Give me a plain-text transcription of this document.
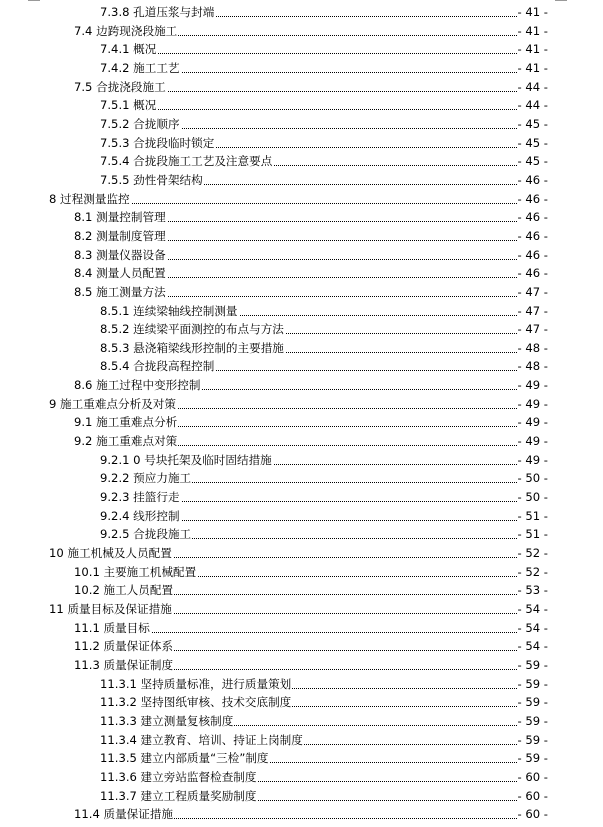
7.3.8 孔道压浆与封端	- 41 -
7.4 边跨现浇段施工	- 41 -
7.4.1 概况	- 41 -
7.4.2 施工工艺	- 41 -
7.5 合拢浇段施工	- 44 -
7.5.1 概况	- 44 -
7.5.2 合拢顺序	- 45 -
7.5.3 合拢段临时锁定	- 45 -
7.5.4 合拢段施工工艺及注意要点	- 45 -
7.5.5 劲性骨架结构	- 46 -
8 过程测量监控	- 46 -
8.1 测量控制管理	- 46 -
8.2 测量制度管理	- 46 -
8.3 测量仪器设备	- 46 -
8.4 测量人员配置	- 46 -
8.5 施工测量方法	- 47 -
8.5.1 连续梁轴线控制测量	- 47 -
8.5.2 连续梁平面测控的布点与方法	- 47 -
8.5.3 悬浇箱梁线形控制的主要措施	- 48 -
8.5.4 合拢段高程控制	- 48 -
8.6 施工过程中变形控制	- 49 -
9 施工重难点分析及对策	- 49 -
9.1 施工重难点分析	- 49 -
9.2 施工重难点对策	- 49 -
9.2.1 0 号块托架及临时固结措施	- 49 -
9.2.2 预应力施工	- 50 -
9.2.3 挂篮行走	- 50 -
9.2.4 线形控制	- 51 -
9.2.5 合拢段施工	- 51 -
10 施工机械及人员配置	- 52 -
10.1 主要施工机械配置	- 52 -
10.2 施工人员配置	- 53 -
11 质量目标及保证措施	- 54 -
11.1 质量目标	- 54 -
11.2 质量保证体系	- 54 -
11.3 质量保证制度	- 59 -
11.3.1 坚持质量标准，进行质量策划	- 59 -
11.3.2 坚持图纸审核、技术交底制度	- 59 -
11.3.3 建立测量复核制度	- 59 -
11.3.4 建立教育、培训、持证上岗制度	- 59 -
11.3.5 建立内部质量“三检”制度	- 59 -
11.3.6 建立旁站监督检查制度	- 60 -
11.3.7 建立工程质量奖励制度	- 60 -
11.4 质量保证措施	- 60 -
